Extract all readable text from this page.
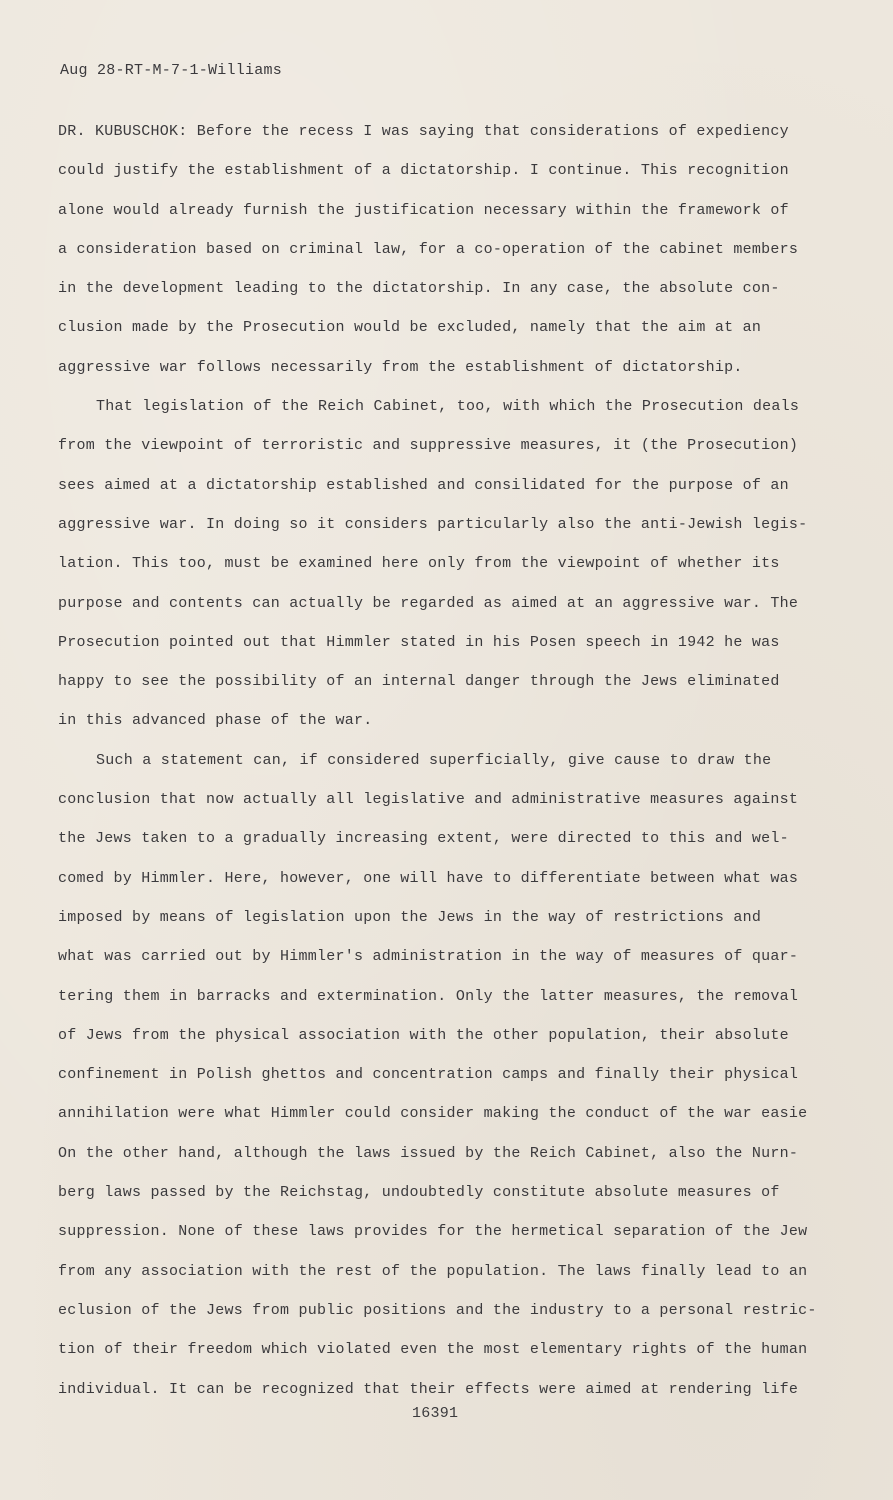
Aug 28-RT-M-7-1-Williams
DR. KUBUSCHOK: Before the recess I was saying that considerations of expediency
could justify the establishment of a dictatorship. I continue. This recognition
alone would already furnish the justification necessary within the framework of
a consideration based on criminal law, for a co-operation of the cabinet members
in the development leading to the dictatorship. In any case, the absolute con-
clusion made by the Prosecution would be excluded, namely that the aim at an
aggressive war follows necessarily from the establishment of dictatorship.
That legislation of the Reich Cabinet, too, with which the Prosecution deals
from the viewpoint of terroristic and suppressive measures, it (the Prosecution)
sees aimed at a dictatorship established and consilidated for the purpose of an
aggressive war. In doing so it considers particularly also the anti-Jewish legis-
lation. This too, must be examined here only from the viewpoint of whether its
purpose and contents can actually be regarded as aimed at an aggressive war. The
Prosecution pointed out that Himmler stated in his Posen speech in 1942 he was
happy to see the possibility of an internal danger through the Jews eliminated
in this advanced phase of the war.
Such a statement can, if considered superficially, give cause to draw the
conclusion that now actually all legislative and administrative measures against
the Jews taken to a gradually increasing extent, were directed to this and wel-
comed by Himmler. Here, however, one will have to differentiate between what was
imposed by means of legislation upon the Jews in the way of restrictions and
what was carried out by Himmler's administration in the way of measures of quar-
tering them in barracks and extermination. Only the latter measures, the removal
of Jews from the physical association with the other population, their absolute
confinement in Polish ghettos and concentration camps and finally their physical
annihilation were what Himmler could consider making the conduct of the war easie
On the other hand, although the laws issued by the Reich Cabinet, also the Nurn-
berg laws passed by the Reichstag, undoubtedly constitute absolute measures of
suppression. None of these laws provides for the hermetical separation of the Jew
from any association with the rest of the population. The laws finally lead to an
eclusion of the Jews from public positions and the industry to a personal restric-
tion of their freedom which violated even the most elementary rights of the human
individual. It can be recognized that their effects were aimed at rendering life
16391
